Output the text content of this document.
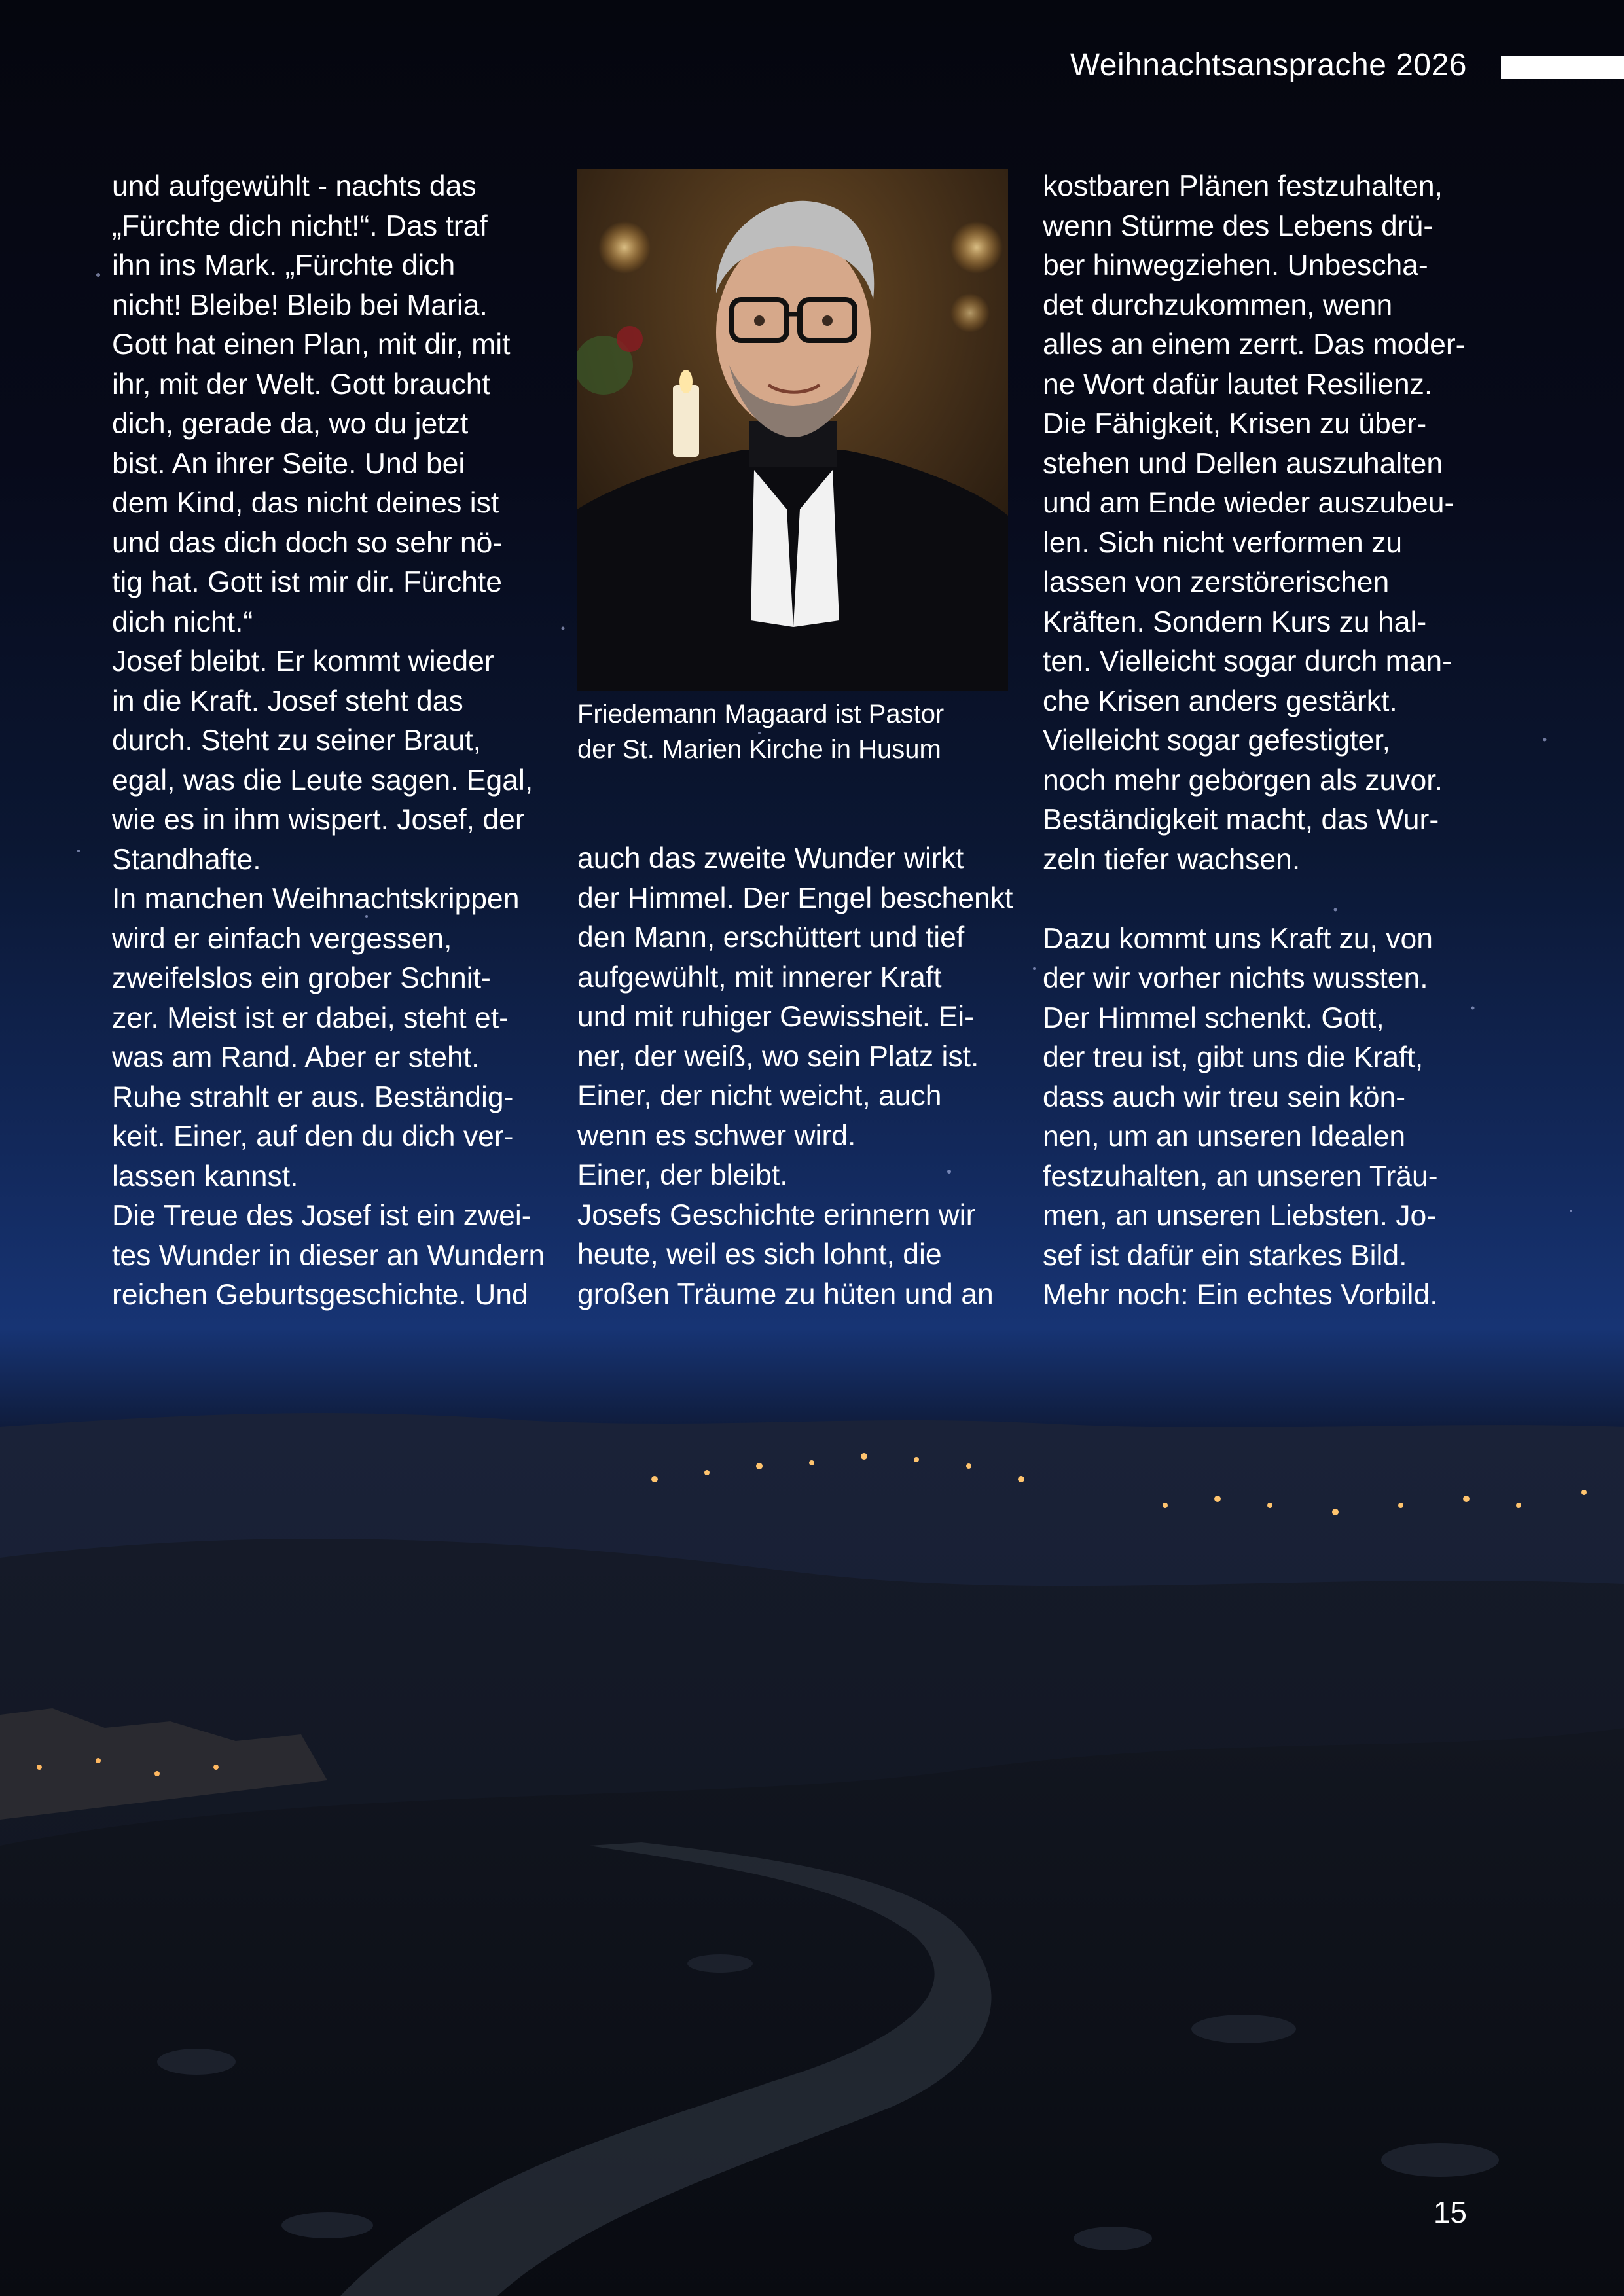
Weihnachtsansprache 2026

und aufgewühlt - nachts das

„Fürchte dich nicht!“. Das traf

ihn ins Mark. „Fürchte dich

nicht! Bleibe! Bleib bei Maria.

Gott hat einen Plan, mit dir, mit

ihr, mit der Welt. Gott braucht

dich, gerade da, wo du jetzt

bist. An ihrer Seite. Und bei

dem Kind, das nicht deines ist

und das dich doch so sehr nö-

tig hat. Gott ist mir dir. Fürchte

dich nicht.“

Josef bleibt. Er kommt wieder

in die Kraft. Josef steht das

durch. Steht zu seiner Braut,

egal, was die Leute sagen. Egal,

wie es in ihm wispert. Josef, der

Standhafte.

In manchen Weihnachtskrippen

wird er einfach vergessen,

zweifelslos ein grober Schnit-

zer. Meist ist er dabei, steht et-

was am Rand. Aber er steht.

Ruhe strahlt er aus. Beständig-

keit. Einer, auf den du dich ver-

lassen kannst.

Die Treue des Josef ist ein zwei-

tes Wunder in dieser an Wundern

reichen Geburtsgeschichte. Und

Friedemann Magaard ist Pastor

der St. Marien Kirche in Husum

auch das zweite Wunder wirkt

der Himmel. Der Engel beschenkt

den Mann, erschüttert und tief

aufgewühlt, mit innerer Kraft

und mit ruhiger Gewissheit. Ei-

ner, der weiß, wo sein Platz ist.

Einer, der nicht weicht, auch

wenn es schwer wird.

Einer, der bleibt.

Josefs Geschichte erinnern wir

heute, weil es sich lohnt, die

großen Träume zu hüten und an

kostbaren Plänen festzuhalten,

wenn Stürme des Lebens drü-

ber hinwegziehen. Unbescha-

det durchzukommen, wenn

alles an einem zerrt. Das moder-

ne Wort dafür lautet Resilienz.

Die Fähigkeit, Krisen zu über-

stehen und Dellen auszuhalten

und am Ende wieder auszubeu-

len. Sich nicht verformen zu

lassen von zerstörerischen

Kräften. Sondern Kurs zu hal-

ten. Vielleicht sogar durch man-

che Krisen anders gestärkt.

Vielleicht sogar gefestigter,

noch mehr geborgen als zuvor.

Beständigkeit macht, das Wur-

zeln tiefer wachsen.

Dazu kommt uns Kraft zu, von

der wir vorher nichts wussten.

Der Himmel schenkt. Gott,

der treu ist, gibt uns die Kraft,

dass auch wir treu sein kön-

nen, um an unseren Idealen

festzuhalten, an unseren Träu-

men, an unseren Liebsten. Jo-

sef ist dafür ein starkes Bild.

Mehr noch: Ein echtes Vorbild.

15
